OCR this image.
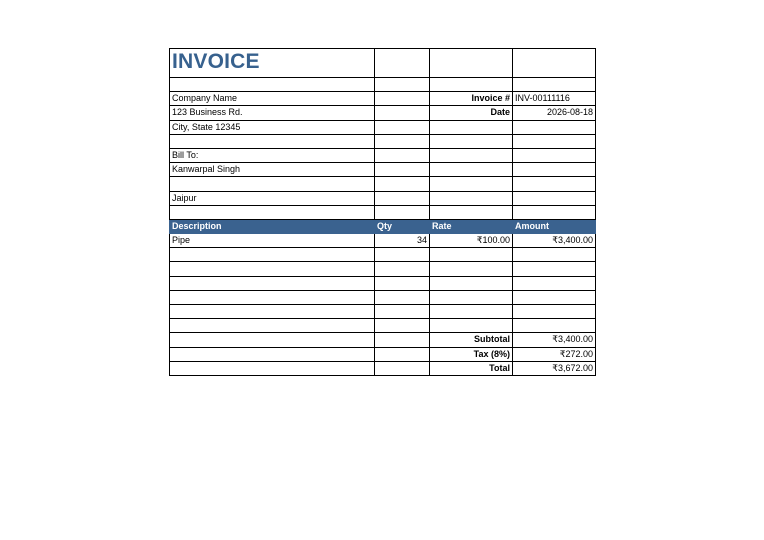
INVOICE			

Company Name		Invoice #	INV-00111116
123 Business Rd.		Date	2026-08-18
City, State 12345			

Bill To:			
Kanwarpal Singh			

Jaipur			

Description	Qty	Rate	Amount
Pipe	34	₹100.00	₹3,400.00

		Subtotal	₹3,400.00
		Tax (8%)	₹272.00
		Total	₹3,672.00
